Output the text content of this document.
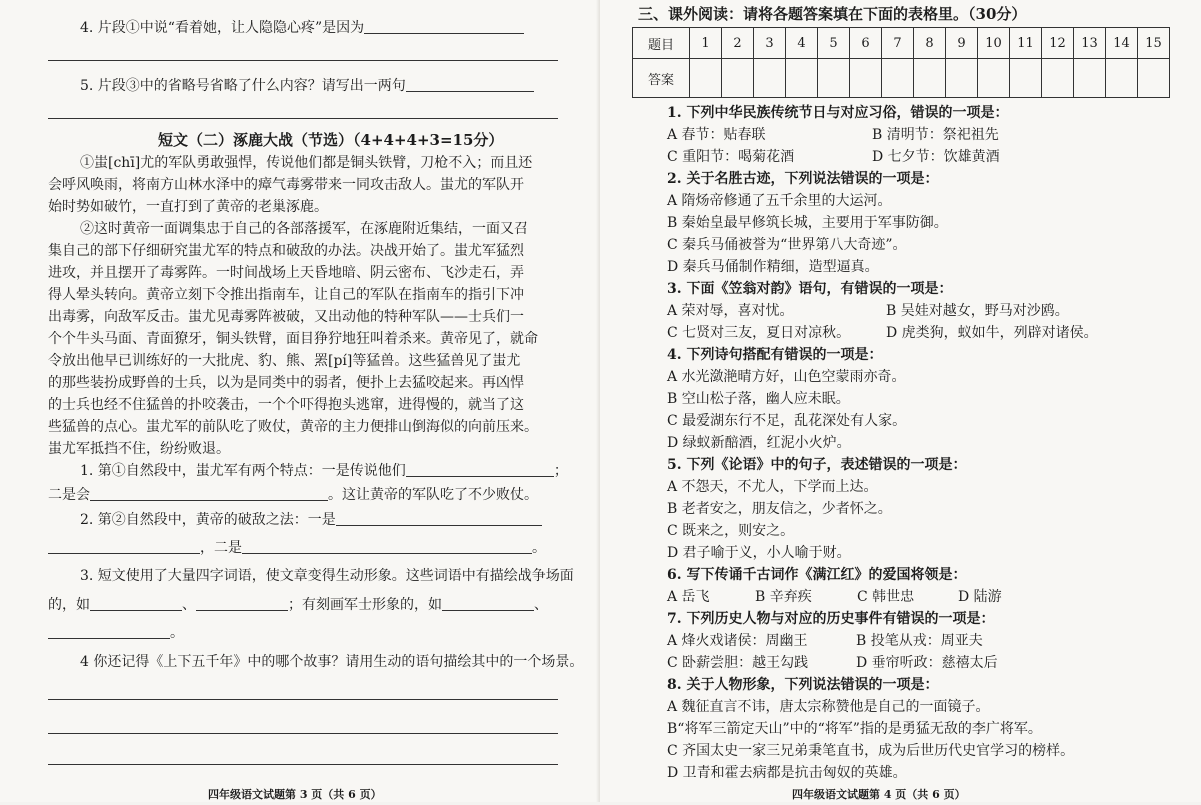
4. 片段①中说“看着她，让人隐隐心疼”是因为
5. 片段③中的省略号省略了什么内容？请写出一两句
短文（二）涿鹿大战（节选）（4+4+4+3=15分）
①蚩[chī]尤的军队勇敢强悍，传说他们都是铜头铁臂，刀枪不入；而且还
会呼风唤雨，将南方山林水泽中的瘴气毒雾带来一同攻击敌人。蚩尤的军队开
始时势如破竹，一直打到了黄帝的老巢涿鹿。
②这时黄帝一面调集忠于自己的各部落援军，在涿鹿附近集结，一面又召
集自己的部下仔细研究蚩尤军的特点和破敌的办法。决战开始了。蚩尤军猛烈
进攻，并且摆开了毒雾阵。一时间战场上天昏地暗、阴云密布、飞沙走石，弄
得人晕头转向。黄帝立刻下令推出指南车，让自己的军队在指南车的指引下冲
出毒雾，向敌军反击。蚩尤见毒雾阵被破，又出动他的特种军队——士兵们一
个个牛头马面、青面獠牙，铜头铁臂，面目狰狞地狂叫着杀来。黄帝见了，就命
令放出他早已训练好的一大批虎、豹、熊、罴[pí]等猛兽。这些猛兽见了蚩尤
的那些装扮成野兽的士兵，以为是同类中的弱者，便扑上去猛咬起来。再凶悍
的士兵也经不住猛兽的扑咬袭击，一个个吓得抱头逃窜，进得慢的，就当了这
些猛兽的点心。蚩尤军的前队吃了败仗，黄帝的主力便排山倒海似的向前压来。
蚩尤军抵挡不住，纷纷败退。
1. 第①自然段中，蚩尤军有两个特点：一是传说他们	；
二是会	。这让黄帝的军队吃了不少败仗。
2. 第②自然段中，黄帝的破敌之法：一是
，二是	。
3. 短文使用了大量四字词语，使文章变得生动形象。这些词语中有描绘战争场面
的，如	、	；有刻画军士形象的，如	、
。
4 你还记得《上下五千年》中的哪个故事？请用生动的语句描绘其中的一个场景。
四年级语文试题第 3 页（共 6 页）
三、课外阅读：请将各题答案填在下面的表格里。（30分）
题目	1	2	3	4	5	6	7	8	9	10	11	12	13	14	15
答案															
1. 下列中华民族传统节日与对应习俗，错误的一项是：
A 春节：贴春联	B 清明节：祭祀祖先
C 重阳节：喝菊花酒	D 七夕节：饮雄黄酒
2. 关于名胜古迹，下列说法错误的一项是：
A 隋炀帝修通了五千余里的大运河。
B 秦始皇最早修筑长城，主要用于军事防御。
C 秦兵马俑被誉为“世界第八大奇迹”。
D 秦兵马俑制作精细，造型逼真。
3. 下面《笠翁对韵》语句，有错误的一项是：
A 荣对辱，喜对忧。	B 吴娃对越女，野马对沙鸥。
C 七贤对三友，夏日对凉秋。	D 虎类狗，蚁如牛，列辟对诸侯。
4. 下列诗句搭配有错误的一项是：
A 水光潋滟晴方好，山色空蒙雨亦奇。
B 空山松子落，幽人应未眠。
C 最爱湖东行不足，乱花深处有人家。
D 绿蚁新醅酒，红泥小火炉。
5. 下列《论语》中的句子，表述错误的一项是：
A 不怨天，不尤人，下学而上达。
B 老者安之，朋友信之，少者怀之。
C 既来之，则安之。
D 君子喻于义，小人喻于财。
6. 写下传诵千古词作《满江红》的爱国将领是：
A 岳飞	B 辛弃疾	C 韩世忠	D 陆游
7. 下列历史人物与对应的历史事件有错误的一项是：
A 烽火戏诸侯：周幽王	B 投笔从戎：周亚夫
C 卧薪尝胆：越王勾践	D 垂帘听政：慈禧太后
8. 关于人物形象，下列说法错误的一项是：
A 魏征直言不讳，唐太宗称赞他是自己的一面镜子。
B“将军三箭定天山”中的“将军”指的是勇猛无敌的李广将军。
C 齐国太史一家三兄弟秉笔直书，成为后世历代史官学习的榜样。
D 卫青和霍去病都是抗击匈奴的英雄。
四年级语文试题第 4 页（共 6 页）
